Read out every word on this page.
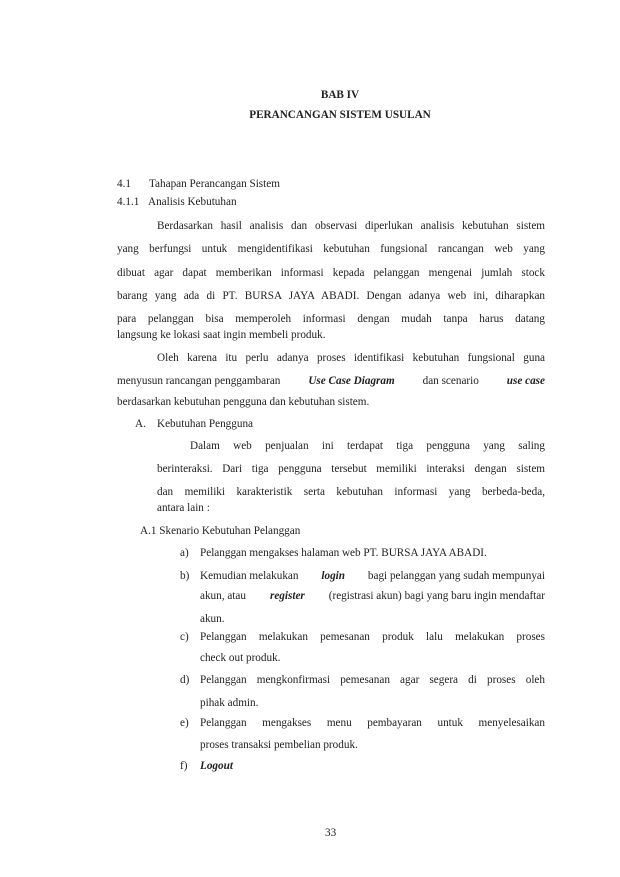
BAB IV
PERANCANGAN SISTEM USULAN
4.1 Tahapan Perancangan Sistem
4.1.1 Analisis Kebutuhan
Berdasarkan hasil analisis dan observasi diperlukan analisis kebutuhan sistem
yang berfungsi untuk mengidentifikasi kebutuhan fungsional rancangan web yang
dibuat agar dapat memberikan informasi kepada pelanggan mengenai jumlah stock
barang yang ada di PT. BURSA JAYA ABADI. Dengan adanya web ini, diharapkan
para pelanggan bisa memperoleh informasi dengan mudah tanpa harus datang
langsung ke lokasi saat ingin membeli produk.
Oleh karena itu perlu adanya proses identifikasi kebutuhan fungsional guna
menyusun rancangan penggambaran Use Case Diagram dan scenario use case
berdasarkan kebutuhan pengguna dan kebutuhan sistem.
A. Kebutuhan Pengguna
Dalam web penjualan ini terdapat tiga pengguna yang saling
berinteraksi. Dari tiga pengguna tersebut memiliki interaksi dengan sistem
dan memiliki karakteristik serta kebutuhan informasi yang berbeda-beda,
antara lain :
A.1 Skenario Kebutuhan Pelanggan
a) Pelanggan mengakses halaman web PT. BURSA JAYA ABADI.
b) Kemudian melakukan login bagi pelanggan yang sudah mempunyai
akun, atau register (registrasi akun) bagi yang baru ingin mendaftar
akun.
c) Pelanggan melakukan pemesanan produk lalu melakukan proses
check out produk.
d) Pelanggan mengkonfirmasi pemesanan agar segera di proses oleh
pihak admin.
e) Pelanggan mengakses menu pembayaran untuk menyelesaikan
proses transaksi pembelian produk.
f) Logout
33
